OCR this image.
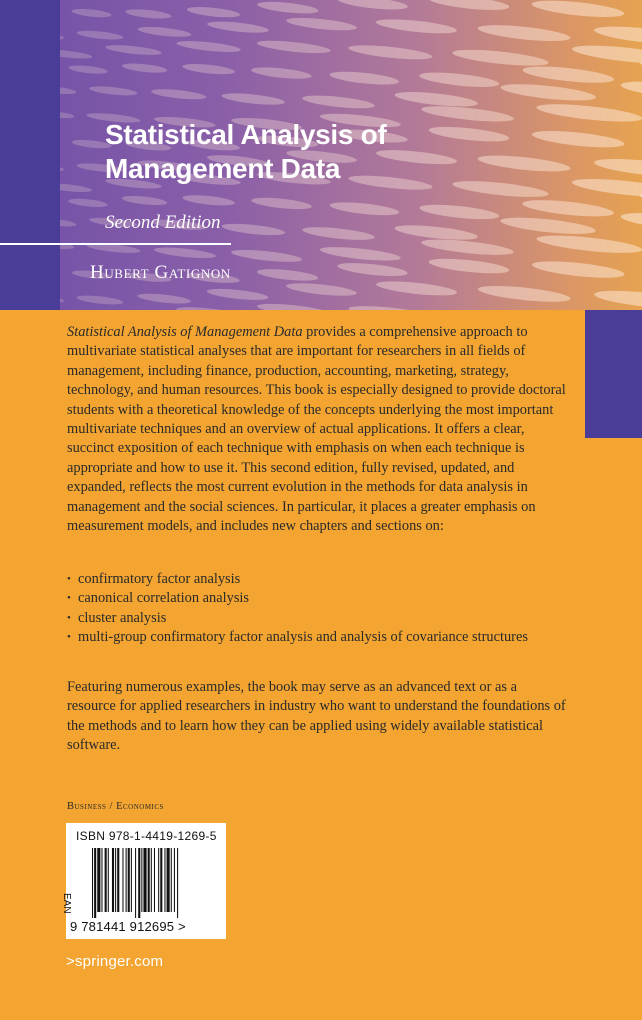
Statistical Analysis of
Management Data

Second Edition

Hubert Gatignon

Statistical Analysis of Management Data provides a comprehensive approach to multivariate statistical analyses that are important for researchers in all fields of management, including finance, production, accounting, marketing, strategy, technology, and human resources. This book is especially designed to provide doctoral students with a theoretical knowledge of the concepts underlying the most important multivariate techniques and an overview of actual applications. It offers a clear, succinct exposition of each technique with emphasis on when each technique is appropriate and how to use it. This second edition, fully revised, updated, and expanded, reflects the most current evolution in the methods for data analysis in management and the social sciences. In particular, it places a greater emphasis on measurement models, and includes new chapters and sections on:

• confirmatory factor analysis
• canonical correlation analysis
• cluster analysis
• multi-group confirmatory factor analysis and analysis of covariance structures

Featuring numerous examples, the book may serve as an advanced text or as a resource for applied researchers in industry who want to understand the foundations of the methods and to learn how they can be applied using widely available statistical software.

Business / Economics

ISBN 978-1-4419-1269-5

EAN

9 781441 912695 >

>springer.com
